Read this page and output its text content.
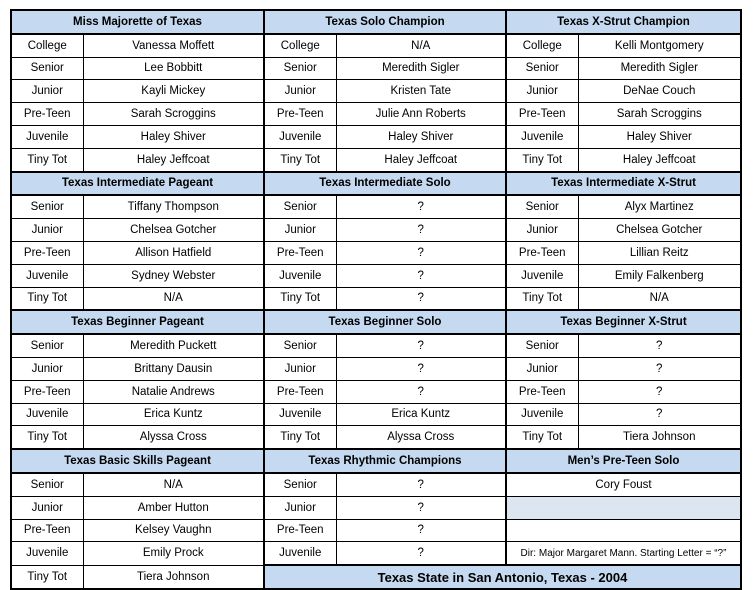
Miss Majorette of Texas		Texas Solo Champion		Texas X-Strut Champion	
College	Vanessa Moffett	College	N/A	College	Kelli Montgomery
Senior	Lee Bobbitt	Senior	Meredith Sigler	Senior	Meredith Sigler
Junior	Kayli Mickey	Junior	Kristen Tate	Junior	DeNae Couch
Pre-Teen	Sarah Scroggins	Pre-Teen	Julie Ann Roberts	Pre-Teen	Sarah Scroggins
Juvenile	Haley Shiver	Juvenile	Haley Shiver	Juvenile	Haley Shiver
Tiny Tot	Haley Jeffcoat	Tiny Tot	Haley Jeffcoat	Tiny Tot	Haley Jeffcoat
Texas Intermediate Pageant		Texas Intermediate Solo		Texas Intermediate X-Strut	
Senior	Tiffany Thompson	Senior	?	Senior	Alyx Martinez
Junior	Chelsea Gotcher	Junior	?	Junior	Chelsea Gotcher
Pre-Teen	Allison Hatfield	Pre-Teen	?	Pre-Teen	Lillian Reitz
Juvenile	Sydney Webster	Juvenile	?	Juvenile	Emily Falkenberg
Tiny Tot	N/A	Tiny Tot	?	Tiny Tot	N/A
Texas Beginner Pageant		Texas Beginner Solo		Texas Beginner X-Strut	
Senior	Meredith Puckett	Senior	?	Senior	?
Junior	Brittany Dausin	Junior	?	Junior	?
Pre-Teen	Natalie Andrews	Pre-Teen	?	Pre-Teen	?
Juvenile	Erica Kuntz	Juvenile	Erica Kuntz	Juvenile	?
Tiny Tot	Alyssa Cross	Tiny Tot	Alyssa Cross	Tiny Tot	Tiera Johnson
Texas Basic Skills Pageant		Texas Rhythmic Champions		Men’s Pre-Teen Solo	
Senior	N/A	Senior	?	Cory Foust	
Junior	Amber Hutton	Junior	?		
Pre-Teen	Kelsey Vaughn	Pre-Teen	?		
Juvenile	Emily Prock	Juvenile	?	Dir: Major Margaret Mann. Starting Letter = “?”	
Tiny Tot	Tiera Johnson	Texas State in San Antonio, Texas - 2004			
